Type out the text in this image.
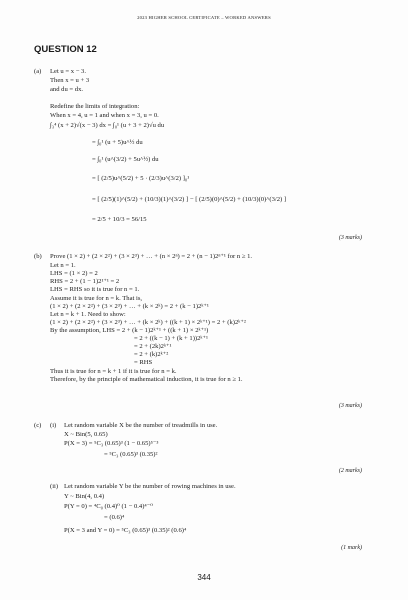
2023 HIGHER SCHOOL CERTIFICATE – WORKED ANSWERS
QUESTION 12
(a) Let u = x − 3.
Then x = u + 3
and du = dx.
Redefine the limits of integration:
When x = 4, u = 1 and when x = 3, u = 0.
∫₃⁴ (x + 2)√(x − 3) dx = ∫₀¹ (u + 3 + 2)√u du
= ∫₀¹ (u + 5)u^½ du
= ∫₀¹ (u^(3/2) + 5u^½) du
= [ (2/5)u^(5/2) + 5 · (2/3)u^(3/2) ]₀¹
= [ (2/5)(1)^(5/2) + (10/3)(1)^(3/2) ] − [ (2/5)(0)^(5/2) + (10/3)(0)^(3/2) ]
= 2/5 + 10/3 = 56/15
(3 marks)
(b) Prove (1 × 2) + (2 × 2²) + (3 × 2³) + … + (n × 2ⁿ) = 2 + (n − 1)2ⁿ⁺¹ for n ≥ 1.
Let n = 1.
LHS = (1 × 2) = 2
RHS = 2 + (1 − 1)2¹⁺¹ = 2
LHS = RHS so it is true for n = 1.
Assume it is true for n = k. That is,
(1 × 2) + (2 × 2²) + (3 × 2³) + … + (k × 2ᵏ) = 2 + (k − 1)2ᵏ⁺¹
Let n = k + 1. Need to show:
(1 × 2) + (2 × 2²) + (3 × 2³) + … + (k × 2ᵏ) + ((k + 1) × 2ᵏ⁺¹) = 2 + (k)2ᵏ⁺²
By the assumption, LHS = 2 + (k − 1)2ᵏ⁺¹ + ((k + 1) × 2ᵏ⁺¹)
= 2 + ((k − 1) + (k + 1))2ᵏ⁺¹
= 2 + (2k)2ᵏ⁺¹
= 2 + (k)2ᵏ⁺²
= RHS
Thus it is true for n = k + 1 if it is true for n = k.
Therefore, by the principle of mathematical induction, it is true for n ≥ 1.
(3 marks)
(c) (i) Let random variable X be the number of treadmills in use.
X ~ Bin(5, 0.65)
P(X = 3) = ⁵C₃ (0.65)³ (1 − 0.65)⁵⁻³
= ⁵C₃ (0.65)³ (0.35)²
(2 marks)
(ii) Let random variable Y be the number of rowing machines in use.
Y ~ Bin(4, 0.4)
P(Y = 0) = ⁴C₀ (0.4)⁰ (1 − 0.4)⁴⁻⁰
= (0.6)⁴
P(X = 3 and Y = 0) = ⁵C₃ (0.65)³ (0.35)² (0.6)⁴
(1 mark)
344
